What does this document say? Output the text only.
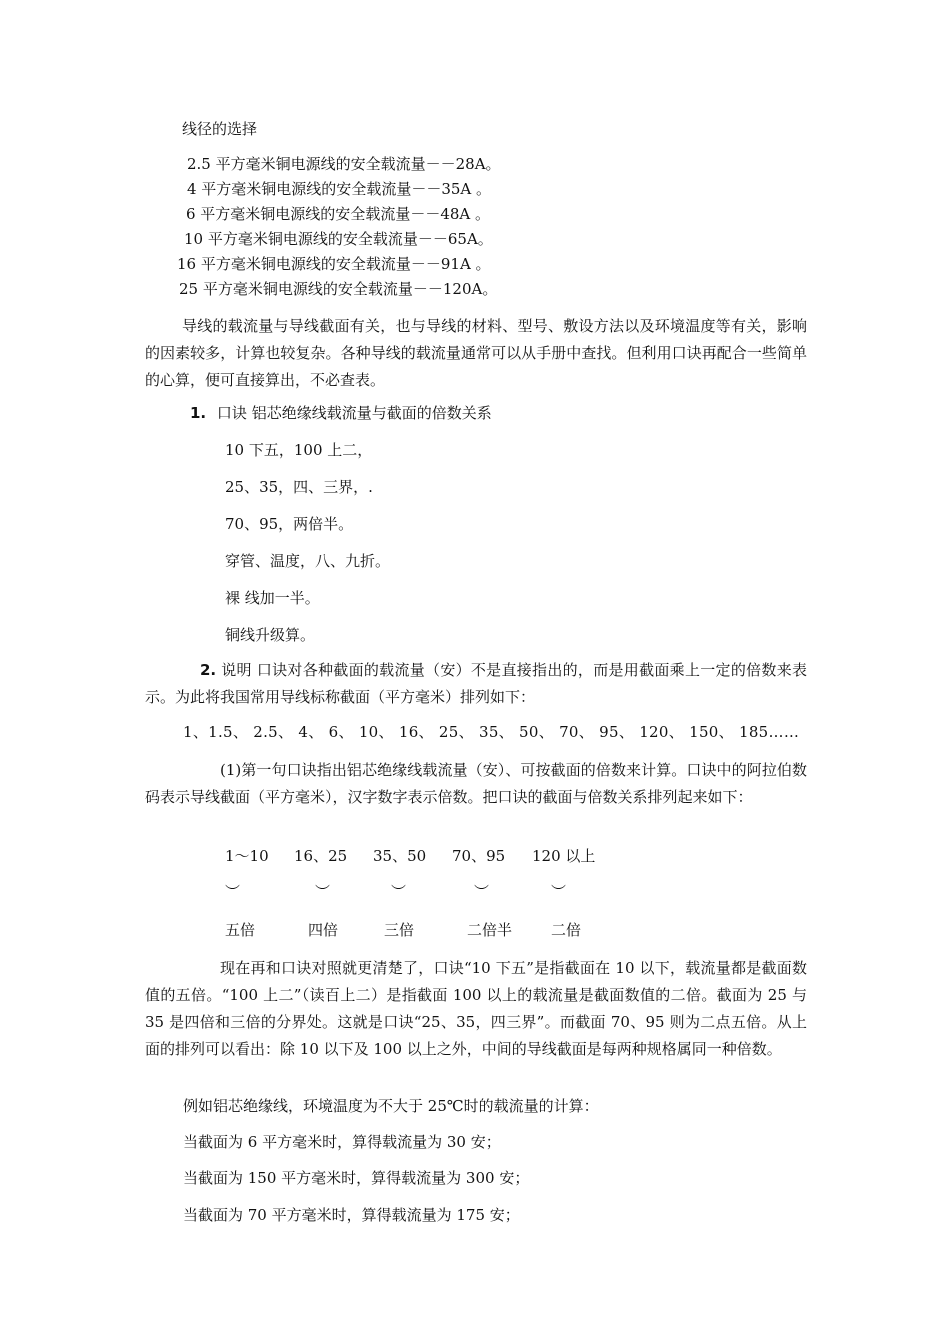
线径的选择
2.5 平方毫米铜电源线的安全载流量－－28A。
4 平方毫米铜电源线的安全载流量－－35A 。
6 平方毫米铜电源线的安全载流量－－48A 。
10 平方毫米铜电源线的安全载流量－－65A。
16 平方毫米铜电源线的安全载流量－－91A 。
25 平方毫米铜电源线的安全载流量－－120A。
导线的载流量与导线截面有关，也与导线的材料、型号、敷设方法以及环境温度等有关，影响的因素较多，计算也较复杂。各种导线的载流量通常可以从手册中查找。但利用口诀再配合一些简单的心算，便可直接算出，不必查表。
1. 口诀 铝芯绝缘线载流量与截面的倍数关系
10 下五，100 上二，
25、35，四、三界，.
70、95，两倍半。
穿管、温度，八、九折。
裸 线加一半。
铜线升级算。
2. 说明 口诀对各种截面的载流量（安）不是直接指出的，而是用截面乘上一定的倍数来表示。为此将我国常用导线标称截面（平方毫米）排列如下：
1、1.5、 2.5、 4、 6、 10、 16、 25、 35、 50、 70、 95、 120、 150、 185……
(1)第一句口诀指出铝芯绝缘线载流量（安）、可按截面的倍数来计算。口诀中的阿拉伯数码表示导线截面（平方毫米），汉字数字表示倍数。把口诀的截面与倍数关系排列起来如下：
1～10 16、25 35、50 70、95 120 以上
︶	︶	︶	︶	︶
五倍	四倍	三倍	二倍半	二倍
现在再和口诀对照就更清楚了，口诀“10 下五”是指截面在 10 以下，载流量都是截面数值的五倍。“100 上二”（读百上二）是指截面 100 以上的载流量是截面数值的二倍。截面为 25 与 35 是四倍和三倍的分界处。这就是口诀“25、35，四三界”。而截面 70、95 则为二点五倍。从上面的排列可以看出：除 10 以下及 100 以上之外，中间的导线截面是每两种规格属同一种倍数。
例如铝芯绝缘线，环境温度为不大于 25℃时的载流量的计算：
当截面为 6 平方毫米时，算得载流量为 30 安；
当截面为 150 平方毫米时，算得载流量为 300 安；
当截面为 70 平方毫米时，算得载流量为 175 安；
